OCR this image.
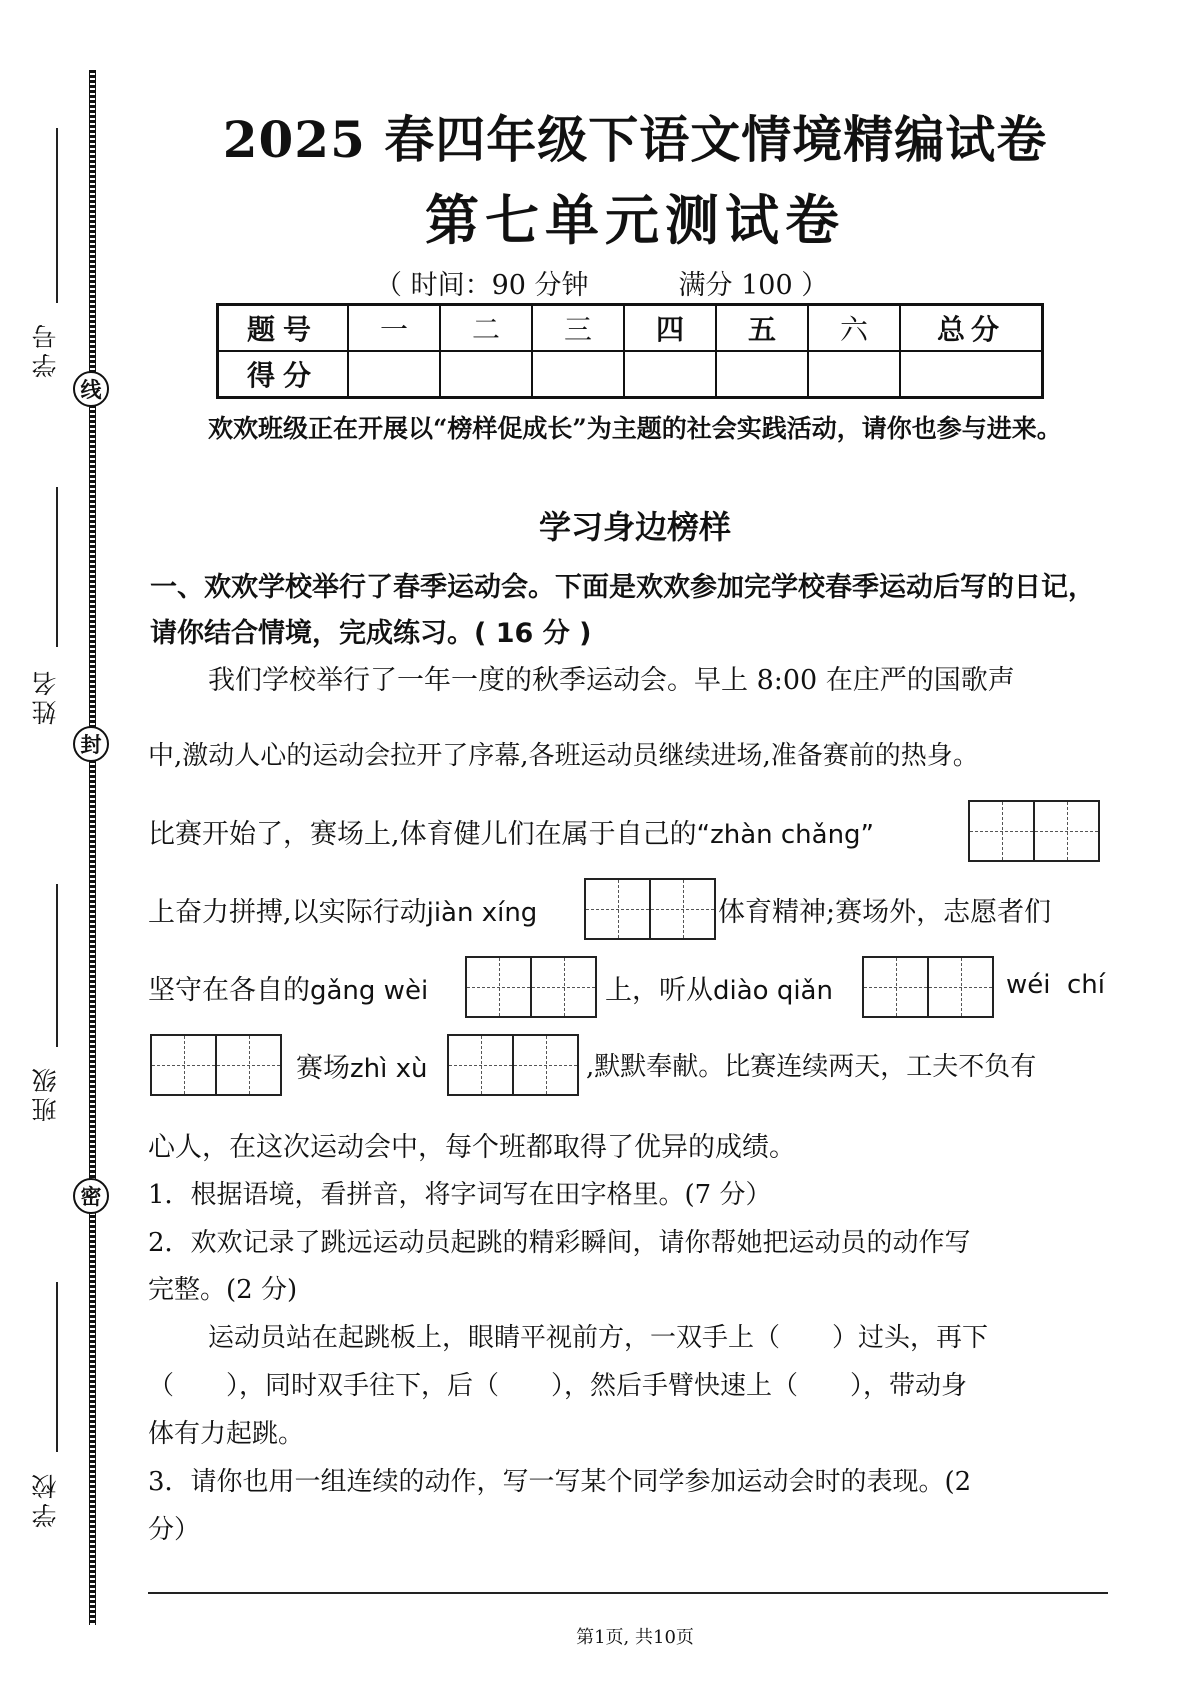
线
封
密
学号
姓名
班级
学校
2025 春四年级下语文情境精编试卷
第七单元测试卷
（ 时间：90 分钟	满分 100 ）
题号	一	二	三	四	五	六	总分
得分							
欢欢班级正在开展以“榜样促成长”为主题的社会实践活动，请你也参与进来。
学习身边榜样
一、欢欢学校举行了春季运动会。下面是欢欢参加完学校春季运动后写的日记，请你结合情境，完成练习。( 16 分 )
我们学校举行了一年一度的秋季运动会。早上 8:00 在庄严的国歌声
中,激动人心的运动会拉开了序幕,各班运动员继续进场,准备赛前的热身。
比赛开始了，赛场上,体育健儿们在属于自己的“zhàn chǎng”
上奋力拼搏,以实际行动jiàn xíng	体育精神;赛场外，志愿者们
坚守在各自的gǎng wèi	上，听从diào qiǎn	wéi  chí
赛场zhì xù	,默默奉献。比赛连续两天，工夫不负有
心人，在这次运动会中，每个班都取得了优异的成绩。
1．根据语境，看拼音，将字词写在田字格里。(7 分）
2．欢欢记录了跳远运动员起跳的精彩瞬间，请你帮她把运动员的动作写
完整。(2 分)
运动员站在起跳板上，眼睛平视前方，一双手上（　　）过头，再下
（　　），同时双手往下，后（　　），然后手臂快速上（　　），带动身
体有力起跳。
3．请你也用一组连续的动作，写一写某个同学参加运动会时的表现。(2
分）
第1页, 共10页
